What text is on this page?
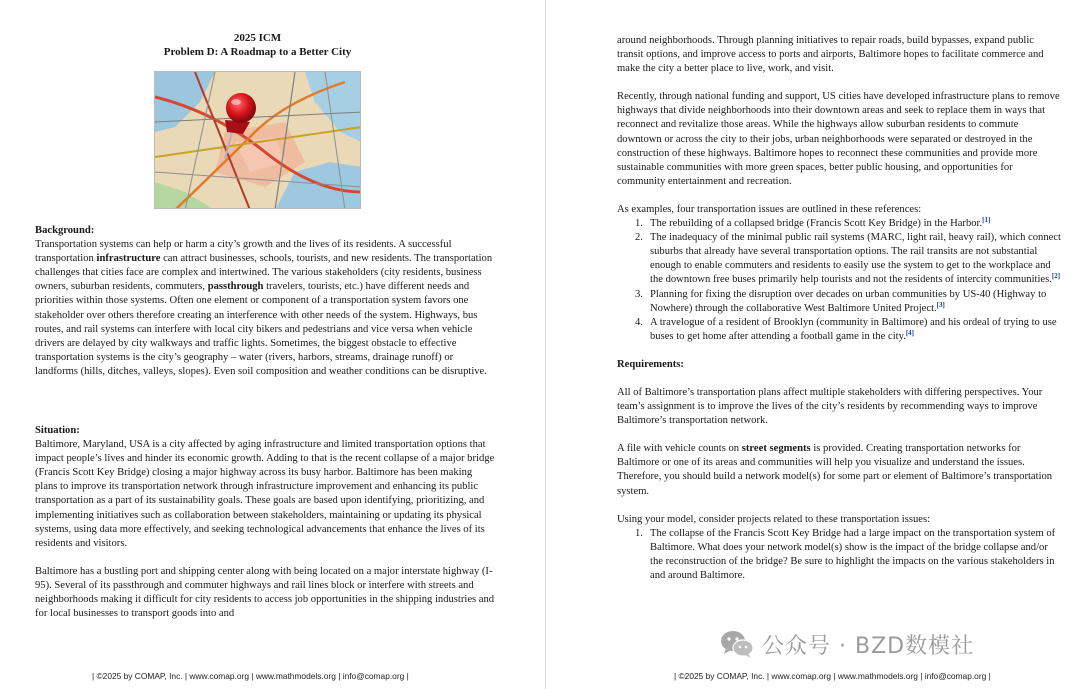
2025 ICM
Problem D: A Roadmap to a Better City

Background:

Transportation systems can help or harm a city’s growth and the lives of its residents. A successful transportation infrastructure can attract businesses, schools, tourists, and new residents. The transportation challenges that cities face are complex and intertwined. The various stakeholders (city residents, business owners, suburban residents, commuters, passthrough travelers, tourists, etc.) have different needs and priorities within those systems. Often one element or component of a transportation system favors one stakeholder over others therefore creating an interference with other needs of the system. Highways, bus routes, and rail systems can interfere with local city bikers and pedestrians and vice versa when vehicle drivers are delayed by city walkways and traffic lights. Sometimes, the biggest obstacle to effective transportation systems is the city’s geography – water (rivers, harbors, streams, drainage runoff) or landforms (hills, ditches, valleys, slopes). Even soil composition and weather conditions can be disruptive.

Situation:

Baltimore, Maryland, USA is a city affected by aging infrastructure and limited transportation options that impact people’s lives and hinder its economic growth. Adding to that is the recent collapse of a major bridge (Francis Scott Key Bridge) closing a major highway across its busy harbor. Baltimore has been making plans to improve its transportation network through infrastructure improvement and enhancing its public transportation as a part of its sustainability goals. These goals are based upon identifying, prioritizing, and implementing initiatives such as collaboration between stakeholders, maintaining or updating its physical systems, using data more effectively, and seeking technological advancements that enhance the lives of its residents and visitors.

Baltimore has a bustling port and shipping center along with being located on a major interstate highway (I-95). Several of its passthrough and commuter highways and rail lines block or interfere with streets and neighborhoods making it difficult for city residents to access job opportunities in the shipping industries and for local businesses to transport goods into and

| ©2025 by COMAP, Inc. | www.comap.org | www.mathmodels.org | info@comap.org |

around neighborhoods. Through planning initiatives to repair roads, build bypasses, expand public transit options, and improve access to ports and airports, Baltimore hopes to facilitate commerce and make the city a better place to live, work, and visit.

Recently, through national funding and support, US cities have developed infrastructure plans to remove highways that divide neighborhoods into their downtown areas and seek to replace them in ways that reconnect and revitalize those areas. While the highways allow suburban residents to commute downtown or across the city to their jobs, urban neighborhoods were separated or destroyed in the construction of these highways. Baltimore hopes to reconnect these communities and provide more sustainable communities with more green spaces, better public housing, and opportunities for community entertainment and recreation.

As examples, four transportation issues are outlined in these references:

1. The rebuilding of a collapsed bridge (Francis Scott Key Bridge) in the Harbor.[1]
2. The inadequacy of the minimal public rail systems (MARC, light rail, heavy rail), which connect suburbs that already have several transportation options. The rail transits are not substantial enough to enable commuters and residents to easily use the system to get to the workplace and the downtown free buses primarily help tourists and not the residents of intercity communities.[2]
3. Planning for fixing the disruption over decades on urban communities by US-40 (Highway to Nowhere) through the collaborative West Baltimore United Project.[3]
4. A travelogue of a resident of Brooklyn (community in Baltimore) and his ordeal of trying to use buses to get home after attending a football game in the city.[4]

Requirements:

All of Baltimore’s transportation plans affect multiple stakeholders with differing perspectives. Your team’s assignment is to improve the lives of the city’s residents by recommending ways to improve Baltimore’s transportation network.

A file with vehicle counts on street segments is provided. Creating transportation networks for Baltimore or one of its areas and communities will help you visualize and understand the issues. Therefore, you should build a network model(s) for some part or element of Baltimore’s transportation system.

Using your model, consider projects related to these transportation issues:

1. The collapse of the Francis Scott Key Bridge had a large impact on the transportation system of Baltimore. What does your network model(s) show is the impact of the bridge collapse and/or the reconstruction of the bridge? Be sure to highlight the impacts on the various stakeholders in and around Baltimore.
| ©2025 by COMAP, Inc. | www.comap.org | www.mathmodels.org | info@comap.org |
公众号 · BZD数模社
